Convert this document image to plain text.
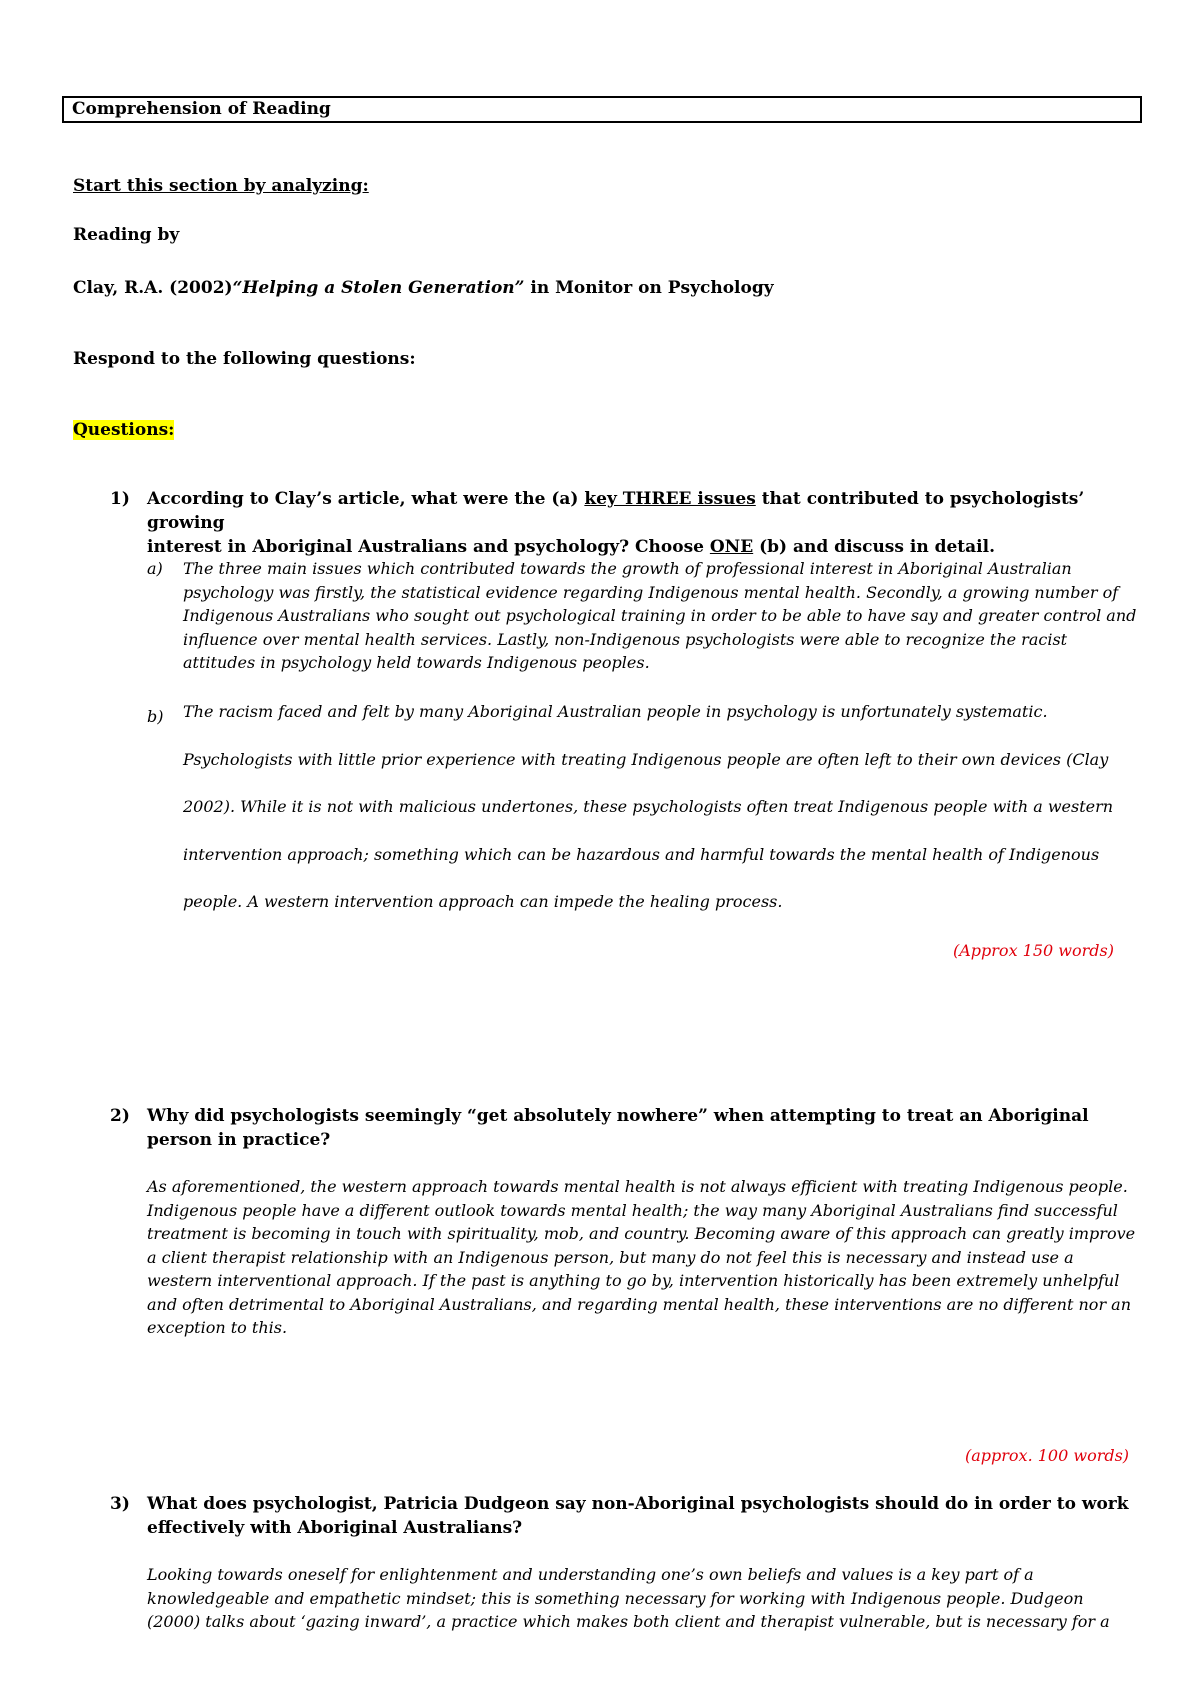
Comprehension of Reading
Start this section by analyzing:
Reading by
Clay, R.A. (2002)“Helping a Stolen Generation” in Monitor on Psychology
Respond to the following questions:
Questions:
1) According to Clay’s article, what were the (a) key THREE issues that contributed to psychologists’ growing
interest in Aboriginal Australians and psychology? Choose ONE (b) and discuss in detail.
a) The three main issues which contributed towards the growth of professional interest in Aboriginal Australian psychology was firstly, the statistical evidence regarding Indigenous mental health. Secondly, a growing number of Indigenous Australians who sought out psychological training in order to be able to have say and greater control and influence over mental health services. Lastly, non-Indigenous psychologists were able to recognize the racist attitudes in psychology held towards Indigenous peoples.
b) The racism faced and felt by many Aboriginal Australian people in psychology is unfortunately systematic. Psychologists with little prior experience with treating Indigenous people are often left to their own devices (Clay 2002). While it is not with malicious undertones, these psychologists often treat Indigenous people with a western intervention approach; something which can be hazardous and harmful towards the mental health of Indigenous people. A western intervention approach can impede the healing process.
(Approx 150 words)
2) Why did psychologists seemingly “get absolutely nowhere” when attempting to treat an Aboriginal person in practice?
As aforementioned, the western approach towards mental health is not always efficient with treating Indigenous people. Indigenous people have a different outlook towards mental health; the way many Aboriginal Australians find successful treatment is becoming in touch with spirituality, mob, and country. Becoming aware of this approach can greatly improve a client therapist relationship with an Indigenous person, but many do not feel this is necessary and instead use a western interventional approach. If the past is anything to go by, intervention historically has been extremely unhelpful and often detrimental to Aboriginal Australians, and regarding mental health, these interventions are no different nor an exception to this.
(approx. 100 words)
3) What does psychologist, Patricia Dudgeon say non-Aboriginal psychologists should do in order to work effectively with Aboriginal Australians?
Looking towards oneself for enlightenment and understanding one’s own beliefs and values is a key part of a knowledgeable and empathetic mindset; this is something necessary for working with Indigenous people. Dudgeon (2000) talks about ‘gazing inward’, a practice which makes both client and therapist vulnerable, but is necessary for a
